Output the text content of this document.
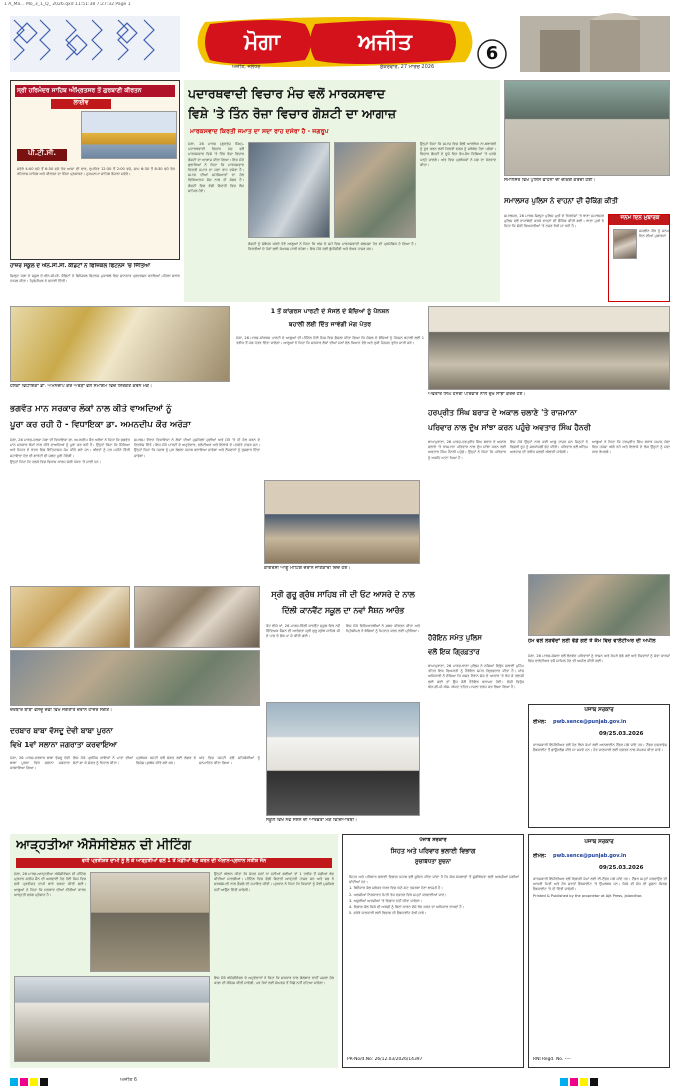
1 A_Ma... Mo_3_1_Q_ 2026.qxd 11:51:38 7:27:32 Page 1
ਮੋਗਾ	ਅਜੀਤ	6
ਅਜੀਤ, ਜਲੰਧਰ	ਸ਼ੁੱਕਰਵਾਰ, 27 ਮਾਰਚ 2026
ਸ੍ਰੀ ਹਰਿਮੰਦਰ ਸਾਹਿਬ ਅੰਮ੍ਰਿਤਸਰ ਤੋਂ ਗੁਰਬਾਣੀ ਕੀਰਤਨ
ਲਾਈਵ
ਪੀ.ਟੀ.ਸੀ.

ਸਵੇਰੇ 4:00 ਵਜੇ ਤੋਂ 6:30 ਵਜੇ ਤੱਕ ਆਸਾ ਦੀ ਵਾਰ, ਦੁਪਹਿਰ 12:30 ਤੋਂ 2:00 ਵਜੇ, ਸ਼ਾਮ 6:30 ਤੋਂ 8:30 ਵਜੇ ਤੱਕ ਰਹਿਰਾਸ ਸਾਹਿਬ ਅਤੇ ਕੀਰਤਨ ਦਾ ਸਿੱਧਾ ਪ੍ਰਸਾਰਣ। ਹੁਕਮਨਾਮਾ ਸਾਹਿਬ ਰੋਜ਼ਾਨਾ ਸਵੇਰੇ।

ਹਾਜ਼ਰ ਸਕੂਲ ਦੇ ਐੱਨ.ਸੀ.ਸੀ. ਕੈਡਿਟਾਂ ਨੇ ਫਿਜ਼ਿਕਲ ਫਿਟਨਸ 'ਚ ਜਿੱਤਿਆ

ਜ਼ਿਲ੍ਹਾ ਮੋਗਾ ਦੇ ਸਕੂਲ ਦੇ ਐੱਨ.ਸੀ.ਸੀ. ਕੈਡਿਟਾਂ ਨੇ ਫਿਜ਼ਿਕਲ ਫਿਟਨਸ ਮੁਕਾਬਲੇ ਵਿਚ ਸ਼ਾਨਦਾਰ ਪ੍ਰਦਰਸ਼ਨ ਕਰਦਿਆਂ ਪਹਿਲਾ ਸਥਾਨ ਹਾਸਲ ਕੀਤਾ। ਪ੍ਰਿੰਸੀਪਲ ਨੇ ਵਧਾਈ ਦਿੱਤੀ।

ਪਦਾਰਥਵਾਦੀ ਵਿਚਾਰ ਮੰਚ ਵਲੋਂ ਮਾਰਕਸਵਾਦ
ਵਿਸ਼ੇ 'ਤੇ ਤਿੰਨ ਰੋਜ਼ਾ ਵਿਚਾਰ ਗੋਸ਼ਟੀ ਦਾ ਆਗਾਜ਼
ਮਾਰਕਸਵਾਦ ਕਿਰਤੀ ਜਮਾਤ ਦਾ ਸਦਾ ਰਾਹ ਦਸੇਰਾ ਹੈ - ਜਗਰੂਪ

ਮੋਗਾ, 26 ਮਾਰਚ (ਗੁਰਤੇਜ ਸਿੰਘ)-ਪਦਾਰਥਵਾਦੀ ਵਿਚਾਰ ਮੰਚ ਵਲੋਂ ਮਾਰਕਸਵਾਦ ਵਿਸ਼ੇ 'ਤੇ ਤਿੰਨ ਰੋਜ਼ਾ ਵਿਚਾਰ ਗੋਸ਼ਟੀ ਦਾ ਆਗਾਜ਼ ਕੀਤਾ ਗਿਆ। ਇਸ ਮੌਕੇ ਬੁਲਾਰਿਆਂ ਨੇ ਕਿਹਾ ਕਿ ਮਾਰਕਸਵਾਦ ਕਿਰਤੀ ਜਮਾਤ ਦਾ ਸਦਾ ਰਾਹ ਦਸੇਰਾ ਹੈ। ਸਮਾਜ ਦੀਆਂ ਸਮੱਸਿਆਵਾਂ ਦਾ ਹੱਲ ਵਿਗਿਆਨਕ ਸੋਚ ਨਾਲ ਹੀ ਸੰਭਵ ਹੈ। ਗੋਸ਼ਟੀ ਵਿਚ ਵੱਡੀ ਗਿਣਤੀ ਵਿਚ ਲੋਕ ਸ਼ਾਮਿਲ ਹੋਏ।

ਗੋਸ਼ਟੀ ਨੂੰ ਸੰਬੋਧਨ ਕਰਦੇ ਹੋਏ ਆਗੂਆਂ ਨੇ ਕਿਹਾ ਕਿ ਅੱਜ ਦੇ ਸਮੇਂ ਵਿਚ ਮਾਰਕਸਵਾਦੀ ਫਲਸਫ਼ਾ ਹੋਰ ਵੀ ਪ੍ਰਸੰਗਿਕ ਹੋ ਗਿਆ ਹੈ। ਕਿਰਤੀਆਂ ਦੇ ਹੱਕਾਂ ਲਈ ਸੰਘਰਸ਼ ਜਾਰੀ ਰਹੇਗਾ। ਇਸ ਮੌਕੇ ਕਈ ਬੁੱਧੀਜੀਵੀ ਅਤੇ ਲੇਖਕ ਹਾਜ਼ਰ ਸਨ।

ਉਨ੍ਹਾਂ ਕਿਹਾ ਕਿ ਸਮਾਜ ਵਿਚ ਫੈਲੀ ਆਰਥਿਕ ਨਾ-ਬਰਾਬਰੀ ਨੂੰ ਦੂਰ ਕਰਨ ਲਈ ਕਿਰਤੀ ਵਰਗ ਨੂੰ ਜਥੇਬੰਦ ਹੋਣਾ ਪਵੇਗਾ। ਵਿਚਾਰ ਗੋਸ਼ਟੀ ਦੇ ਦੂਜੇ ਦਿਨ ਵੱਖ-ਵੱਖ ਵਿਸ਼ਿਆਂ 'ਤੇ ਪਰਚੇ ਪੜ੍ਹੇ ਜਾਣਗੇ। ਅੰਤ ਵਿਚ ਪ੍ਰਬੰਧਕਾਂ ਨੇ ਸਭ ਦਾ ਧੰਨਵਾਦ ਕੀਤਾ।

ਸਮਾਲਸਰ ਵਿਖੇ ਪੁਲਿਸ ਵਾਹਨਾਂ ਦੀ ਚੈਕਿੰਗ ਕਰਦੀ ਹੋਈ।
ਸਮਾਲਸਰ ਪੁਲਿਸ ਨੇ ਵਾਹਨਾਂ ਦੀ ਚੈਕਿੰਗ ਕੀਤੀ

ਸਮਾਲਸਰ, 26 ਮਾਰਚ-ਜ਼ਿਲ੍ਹਾ ਪੁਲਿਸ ਮੁਖੀ ਦੇ ਨਿਰਦੇਸ਼ਾਂ 'ਤੇ ਥਾਣਾ ਸਮਾਲਸਰ ਪੁਲਿਸ ਵਲੋਂ ਨਾਕਾਬੰਦੀ ਕਰਕੇ ਵਾਹਨਾਂ ਦੀ ਚੈਕਿੰਗ ਕੀਤੀ ਗਈ। ਥਾਣਾ ਮੁਖੀ ਨੇ ਕਿਹਾ ਕਿ ਸ਼ੱਕੀ ਵਿਅਕਤੀਆਂ 'ਤੇ ਨਜ਼ਰ ਰੱਖੀ ਜਾ ਰਹੀ ਹੈ।

ਜਨਮ ਦਿਨ ਮੁਬਾਰਕ
ਜਸਲੀਨ ਕੌਰ ਨੂੰ ਜਨਮ ਦਿਨ ਦੀਆਂ ਮੁਬਾਰਕਾਂ
ਹਲਕਾ ਵਿਧਾਇਕਾ ਡਾ. ਅਮਨਦੀਪ ਕੌਰ ਅਰੋੜਾ ਵਲੋਂ ਸਮਾਗਮ ਵਿਚ ਸ਼ਿਰਕਤ ਕਰਨ ਮੌਕੇ।
1 ਤੋਂ ਕਾਂਗਰਸ ਪਾਰਟੀ ਦੇ ਸੋਸਲ ਦੇ ਬੱਚਿਆਂ ਨੂੰ ਪੈਨਸ਼ਨ
ਬਹਾਲੀ ਲਈ ਦਿੱਤ ਜਾਵੇਗੀ ਮੰਗ ਪੱਤਰ

ਮੋਗਾ, 26 ਮਾਰਚ-ਕਾਂਗਰਸ ਪਾਰਟੀ ਦੇ ਆਗੂਆਂ ਦੀ ਮੀਟਿੰਗ ਹੋਈ ਜਿਸ ਵਿਚ ਫ਼ੈਸਲਾ ਕੀਤਾ ਗਿਆ ਕਿ ਸੋਸਲ ਦੇ ਬੱਚਿਆਂ ਨੂੰ ਪੈਨਸ਼ਨ ਬਹਾਲੀ ਲਈ 1 ਤਰੀਕ ਤੋਂ ਮੰਗ ਪੱਤਰ ਦਿੱਤਾ ਜਾਵੇਗਾ। ਆਗੂਆਂ ਨੇ ਕਿਹਾ ਕਿ ਸਰਕਾਰ ਲੋਕਾਂ ਦੀਆਂ ਮੰਗਾਂ ਵੱਲ ਧਿਆਨ ਦੇਵੇ ਅਤੇ ਰੁਕੀ ਪੈਨਸ਼ਨ ਤੁਰੰਤ ਜਾਰੀ ਕਰੇ।

ਅਵਤਾਰ ਸਿੰਘ ਹੈਨਰੀ ਪਰਿਵਾਰ ਨਾਲ ਦੁੱਖ ਸਾਂਝਾ ਕਰਦੇ ਹੋਏ।
ਭਗਵੰਤ ਮਾਨ ਸਰਕਾਰ ਲੋਕਾਂ ਨਾਲ ਕੀਤੇ ਵਾਅਦਿਆਂ ਨੂੰ
ਪੂਰਾ ਕਰ ਰਹੀ ਹੈ - ਵਿਧਾਇਕਾ ਡਾ. ਅਮਨਦੀਪ ਕੌਰ ਅਰੋੜਾ

ਮੋਗਾ, 26 ਮਾਰਚ-ਹਲਕਾ ਮੋਗਾ ਦੀ ਵਿਧਾਇਕਾ ਡਾ. ਅਮਨਦੀਪ ਕੌਰ ਅਰੋੜਾ ਨੇ ਕਿਹਾ ਕਿ ਭਗਵੰਤ ਮਾਨ ਸਰਕਾਰ ਲੋਕਾਂ ਨਾਲ ਕੀਤੇ ਵਾਅਦਿਆਂ ਨੂੰ ਪੂਰਾ ਕਰ ਰਹੀ ਹੈ। ਉਨ੍ਹਾਂ ਕਿਹਾ ਕਿ ਸਿੱਖਿਆ ਅਤੇ ਸਿਹਤ ਦੇ ਖੇਤਰ ਵਿਚ ਇਤਿਹਾਸਕ ਕੰਮ ਕੀਤੇ ਗਏ ਹਨ। ਔਰਤਾਂ ਨੂੰ ਹਰ ਮਹੀਨੇ ਵਿੱਤੀ ਸਹਾਇਤਾ ਦੇਣ ਦੀ ਗਾਰੰਟੀ ਵੀ ਜਲਦ ਪੂਰੀ ਹੋਵੇਗੀ।

ਉਨ੍ਹਾਂ ਕਿਹਾ ਕਿ ਹਲਕੇ ਵਿਚ ਵਿਕਾਸ ਕਾਰਜ ਜੰਗੀ ਪੱਧਰ 'ਤੇ ਜਾਰੀ ਹਨ।

ਸਮਾਗਮ ਦੌਰਾਨ ਵਿਧਾਇਕਾ ਨੇ ਲੋਕਾਂ ਦੀਆਂ ਮੁਸ਼ਕਿਲਾਂ ਸੁਣੀਆਂ ਅਤੇ ਮੌਕੇ 'ਤੇ ਹੀ ਹੱਲ ਕਰਨ ਦੇ ਨਿਰਦੇਸ਼ ਦਿੱਤੇ। ਇਸ ਮੌਕੇ ਪਾਰਟੀ ਦੇ ਅਹੁਦੇਦਾਰ, ਵਲੰਟੀਅਰ ਅਤੇ ਇਲਾਕੇ ਦੇ ਪਤਵੰਤੇ ਹਾਜ਼ਰ ਸਨ। ਉਨ੍ਹਾਂ ਕਿਹਾ ਕਿ ਪੰਜਾਬ ਨੂੰ ਮੁੜ ਰੰਗਲਾ ਪੰਜਾਬ ਬਣਾਇਆ ਜਾਵੇਗਾ ਅਤੇ ਨੌਜਵਾਨਾਂ ਨੂੰ ਰੁਜ਼ਗਾਰ ਦਿੱਤਾ ਜਾਵੇਗਾ।

ਕਾਂਗਰਸੀ ਆਗੂ ਮੀਟਿੰਗ ਦੌਰਾਨ ਜਾਣਕਾਰੀ ਦਿੰਦੇ ਹੋਏ।
ਹਰਪ੍ਰੀਤ ਸਿੰਘ ਬਰਾੜ ਦੇ ਅਕਾਲ ਚਲਾਣੇ 'ਤੇ ਰਾਜਮਾਨਾ
ਪਰਿਵਾਰ ਨਾਲ ਦੁੱਖ ਸਾਂਝਾ ਕਰਨ ਪਹੁੰਚੇ ਅਵਤਾਰ ਸਿੰਘ ਹੈਨਰੀ

ਬਾਘਾਪੁਰਾਣਾ, 26 ਮਾਰਚ-ਹਰਪ੍ਰੀਤ ਸਿੰਘ ਬਰਾੜ ਦੇ ਅਕਾਲ ਚਲਾਣੇ 'ਤੇ ਰਾਜਮਾਨਾ ਪਰਿਵਾਰ ਨਾਲ ਦੁੱਖ ਸਾਂਝਾ ਕਰਨ ਲਈ ਅਵਤਾਰ ਸਿੰਘ ਹੈਨਰੀ ਪਹੁੰਚੇ। ਉਨ੍ਹਾਂ ਨੇ ਕਿਹਾ ਕਿ ਪਰਿਵਾਰ ਨੂੰ ਅਸਹਿ ਘਾਟਾ ਪਿਆ ਹੈ।

ਇਸ ਮੌਕੇ ਉਨ੍ਹਾਂ ਨਾਲ ਕਈ ਆਗੂ ਹਾਜ਼ਰ ਸਨ ਜਿਨ੍ਹਾਂ ਨੇ ਵਿਛੜੀ ਰੂਹ ਨੂੰ ਸ਼ਰਧਾਂਜਲੀ ਭੇਟ ਕੀਤੀ। ਪਰਿਵਾਰ ਵਲੋਂ ਅੰਤਿਮ ਅਰਦਾਸ ਦੀ ਤਰੀਕ ਜਲਦੀ ਐਲਾਨੀ ਜਾਵੇਗੀ।

ਆਗੂਆਂ ਨੇ ਕਿਹਾ ਕਿ ਹਰਪ੍ਰੀਤ ਸਿੰਘ ਬਰਾੜ ਸਮਾਜ ਸੇਵਾ ਵਿਚ ਹਮੇਸ਼ਾ ਅੱਗੇ ਰਹੇ ਅਤੇ ਇਲਾਕੇ ਦੇ ਲੋਕ ਉਨ੍ਹਾਂ ਨੂੰ ਸਦਾ ਯਾਦ ਰੱਖਣਗੇ।

ਦਰਬਾਰ ਬਾਬਾ ਵੱਸਦੂ ਦੇਵੀ ਵਿਖੇ ਜਗਰਾਤੇ ਦੌਰਾਨ ਹਾਜ਼ਰ ਸੰਗਤ।
ਦਰਬਾਰ ਬਾਬਾ ਵੱਸਦੂ ਦੇਵੀ ਬਾਬਾ ਪੂਰਨਾ
ਵਿਖੇ 1ਵਾਂ ਸਲਾਨਾ ਜਗਰਾਤਾ ਕਰਵਾਇਆ

ਮੋਗਾ, 26 ਮਾਰਚ-ਦਰਬਾਰ ਬਾਬਾ ਵੱਸਦੂ ਦੇਵੀ ਬਾਬਾ ਪੂਰਨਾ ਵਿਖੇ ਸਲਾਨਾ ਜਗਰਾਤਾ ਕਰਵਾਇਆ ਗਿਆ।

ਇਸ ਮੌਕੇ ਪ੍ਰਸਿੱਧ ਗਾਇਕਾਂ ਨੇ ਮਾਤਾ ਦੀਆਂ ਭੇਟਾਂ ਗਾ ਕੇ ਸੰਗਤ ਨੂੰ ਨਿਹਾਲ ਕੀਤਾ।

ਪ੍ਰਬੰਧਕ ਕਮੇਟੀ ਵਲੋਂ ਸੰਗਤ ਲਈ ਲੰਗਰ ਦੇ ਵਿਸ਼ੇਸ਼ ਪ੍ਰਬੰਧ ਕੀਤੇ ਗਏ ਸਨ।

ਅੰਤ ਵਿਚ ਕਮੇਟੀ ਵਲੋਂ ਸਹਿਯੋਗੀਆਂ ਨੂੰ ਸਨਮਾਨਿਤ ਕੀਤਾ ਗਿਆ।

ਸ੍ਰੀ ਗੁਰੂ ਗ੍ਰੰਥ ਸਾਹਿਬ ਜੀ ਦੀ ਓਟ ਆਸਰੇ ਦੇ ਨਾਲ
ਦਿੱਲੀ ਕਾਨਵੈਂਟ ਸਕੂਲ ਦਾ ਨਵਾਂ ਸੈਸ਼ਨ ਆਰੰਭ

ਕੋਟ ਈਸੇ ਖਾਂ, 26 ਮਾਰਚ-ਦਿੱਲੀ ਕਾਨਵੈਂਟ ਸਕੂਲ ਵਿਖੇ ਨਵੇਂ ਵਿੱਦਿਅਕ ਸੈਸ਼ਨ ਦੀ ਆਰੰਭਤਾ ਸ੍ਰੀ ਗੁਰੂ ਗ੍ਰੰਥ ਸਾਹਿਬ ਜੀ ਦੇ ਪਾਠ ਦੇ ਭੋਗ ਪਾ ਕੇ ਕੀਤੀ ਗਈ।

ਇਸ ਮੌਕੇ ਵਿਦਿਆਰਥੀਆਂ ਨੇ ਸ਼ਬਦ ਕੀਰਤਨ ਕੀਤਾ ਅਤੇ ਪ੍ਰਿੰਸੀਪਲ ਨੇ ਬੱਚਿਆਂ ਨੂੰ ਮਿਹਨਤ ਕਰਨ ਲਈ ਪ੍ਰੇਰਿਆ।

ਸਕੂਲ ਵਿਖੇ ਨਵੇਂ ਸੈਸ਼ਨ ਦੀ ਆਰੰਭਤਾ ਮੌਕੇ ਵਿਦਿਆਰਥੀ।
ਹੈਰੋਇਨ ਸਮੇਤ ਪੁਲਿਸ
ਵਲੋਂ ਇਕ ਗ੍ਰਿਫ਼ਤਾਰ

ਬਾਘਾਪੁਰਾਣਾ, 26 ਮਾਰਚ-ਥਾਣਾ ਪੁਲਿਸ ਨੇ ਨਸ਼ਿਆਂ ਵਿਰੁੱਧ ਚਲਾਈ ਮੁਹਿੰਮ ਤਹਿਤ ਇਕ ਵਿਅਕਤੀ ਨੂੰ ਹੈਰੋਇਨ ਸਮੇਤ ਗ੍ਰਿਫ਼ਤਾਰ ਕੀਤਾ ਹੈ। ਜਾਂਚ ਅਧਿਕਾਰੀ ਨੇ ਦੱਸਿਆ ਕਿ ਗਸ਼ਤ ਦੌਰਾਨ ਸ਼ੱਕ ਦੇ ਆਧਾਰ 'ਤੇ ਰੋਕ ਕੇ ਤਲਾਸ਼ੀ ਲਈ ਗਈ ਤਾਂ ਉਸ ਕੋਲੋਂ ਹੈਰੋਇਨ ਬਰਾਮਦ ਹੋਈ। ਦੋਸ਼ੀ ਵਿਰੁੱਧ ਐਨ.ਡੀ.ਪੀ.ਐਸ. ਐਕਟ ਤਹਿਤ ਮਾਮਲਾ ਦਰਜ ਕਰ ਲਿਆ ਗਿਆ ਹੈ।

ਹੋਮ ਵਲੋਂ ਲੋੜਵੰਦਾਂ ਲਈ ਵੰਡੇ ਗਏ ਤੇ ਕੰਮ ਵਿਚ ਵਾਲੰਟੀਅਰ ਦੀ ਅਪੀਲ

ਮੋਗਾ, 26 ਮਾਰਚ-ਸੰਸਥਾ ਵਲੋਂ ਲੋੜਵੰਦ ਪਰਿਵਾਰਾਂ ਨੂੰ ਰਾਸ਼ਨ ਅਤੇ ਕੱਪੜੇ ਵੰਡੇ ਗਏ ਅਤੇ ਨੌਜਵਾਨਾਂ ਨੂੰ ਸੇਵਾ ਕਾਰਜਾਂ ਵਿਚ ਵਾਲੰਟੀਅਰ ਵਜੋਂ ਸ਼ਾਮਿਲ ਹੋਣ ਦੀ ਅਪੀਲ ਕੀਤੀ ਗਈ।

ਪੰਜਾਬ ਸਰਕਾਰ
ਈਮੇਲ:	pwb.sence@punjab.gov.in
09/25.03.2026

ਕਾਰਜਕਾਰੀ ਇੰਜੀਨੀਅਰ ਵਲੋਂ ਹੇਠ ਲਿਖੇ ਕੰਮਾਂ ਲਈ ਆਨਲਾਈਨ ਟੈਂਡਰ ਮੰਗੇ ਜਾਂਦੇ ਹਨ। ਟੈਂਡਰ ਦਸਤਾਵੇਜ਼ ਵੈਬਸਾਈਟ ਤੋਂ ਡਾਊਨਲੋਡ ਕੀਤੇ ਜਾ ਸਕਦੇ ਹਨ। ਹੋਰ ਜਾਣਕਾਰੀ ਲਈ ਦਫ਼ਤਰ ਨਾਲ ਸੰਪਰਕ ਕੀਤਾ ਜਾਵੇ।

ਆੜ੍ਹਤੀਆ ਐਸੋਸੀਏਸ਼ਨ ਦੀ ਮੀਟਿੰਗ
ਵਧੀ ਪ੍ਰਤੀਸ਼ਤ ਦਾਮੀ ਨੂੰ ਲੈ ਕੇ ਆੜ੍ਹਤੀਆਂ ਵਲੋਂ 1 ਤੋਂ ਮੰਡੀਆਂ ਬੰਦ ਕਰਨ ਦੀ ਐਲਾਨ-ਪ੍ਰਧਾਨ ਸਤੀਸ਼ ਜੈਨ

ਮੋਗਾ, 26 ਮਾਰਚ-ਆੜ੍ਹਤੀਆ ਐਸੋਸੀਏਸ਼ਨ ਦੀ ਮੀਟਿੰਗ ਪ੍ਰਧਾਨ ਸਤੀਸ਼ ਜੈਨ ਦੀ ਅਗਵਾਈ ਹੇਠ ਹੋਈ ਜਿਸ ਵਿਚ ਵਧੀ ਪ੍ਰਤੀਸ਼ਤ ਦਾਮੀ ਬਾਰੇ ਚਰਚਾ ਕੀਤੀ ਗਈ। ਆਗੂਆਂ ਨੇ ਕਿਹਾ ਕਿ ਸਰਕਾਰ ਦੀਆਂ ਨੀਤੀਆਂ ਕਾਰਨ ਆੜ੍ਹਤੀ ਵਰਗ ਪ੍ਰੇਸ਼ਾਨ ਹੈ।

ਉਨ੍ਹਾਂ ਐਲਾਨ ਕੀਤਾ ਕਿ ਜੇਕਰ ਮੰਗਾਂ ਨਾ ਮੰਨੀਆਂ ਗਈਆਂ ਤਾਂ 1 ਤਰੀਕ ਤੋਂ ਮੰਡੀਆਂ ਬੰਦ ਕੀਤੀਆਂ ਜਾਣਗੀਆਂ। ਮੀਟਿੰਗ ਵਿਚ ਵੱਡੀ ਗਿਣਤੀ ਆੜ੍ਹਤੀ ਹਾਜ਼ਰ ਸਨ ਅਤੇ ਸਭ ਨੇ ਸਰਬਸੰਮਤੀ ਨਾਲ ਫ਼ੈਸਲੇ ਦੀ ਹਮਾਇਤ ਕੀਤੀ। ਪ੍ਰਧਾਨ ਨੇ ਕਿਹਾ ਕਿ ਕਿਸਾਨਾਂ ਨੂੰ ਕੋਈ ਮੁਸ਼ਕਿਲ ਨਹੀਂ ਆਉਣ ਦਿੱਤੀ ਜਾਵੇਗੀ।

ਇਸ ਮੌਕੇ ਐਸੋਸੀਏਸ਼ਨ ਦੇ ਅਹੁਦੇਦਾਰਾਂ ਨੇ ਕਿਹਾ ਕਿ ਸਰਕਾਰ ਨਾਲ ਗੱਲਬਾਤ ਰਾਹੀਂ ਮਸਲਾ ਹੱਲ ਕਰਨ ਦੀ ਕੋਸ਼ਿਸ਼ ਕੀਤੀ ਜਾਵੇਗੀ, ਪਰ ਹੱਕਾਂ ਲਈ ਸੰਘਰਸ਼ ਤੋਂ ਪਿੱਛੇ ਨਹੀਂ ਹਟਿਆ ਜਾਵੇਗਾ।

ਪੰਜਾਬ ਸਰਕਾਰ
ਸਿਹਤ ਅਤੇ ਪਰਿਵਾਰ ਭਲਾਈ ਵਿਭਾਗ
ਸੂਚੀਬੱਧਤਾ ਸੂਚਨਾ

ਸਿਹਤ ਅਤੇ ਪਰਿਵਾਰ ਭਲਾਈ ਵਿਭਾਗ ਪੰਜਾਬ ਵਲੋਂ ਸੂਚਿਤ ਕੀਤਾ ਜਾਂਦਾ ਹੈ ਕਿ ਯੋਗ ਸੰਸਥਾਵਾਂ ਤੋਂ ਸੂਚੀਬੱਧਤਾ ਲਈ ਅਰਜ਼ੀਆਂ ਮੰਗੀਆਂ ਜਾਂਦੀਆਂ ਹਨ।

1. ਬਿਨੈਕਾਰ ਕੋਲ ਸਬੰਧਤ ਖੇਤਰ ਵਿਚ ਘੱਟੋ-ਘੱਟ ਤਜਰਬਾ ਹੋਣਾ ਲਾਜ਼ਮੀ ਹੈ।

2. ਅਰਜ਼ੀਆਂ ਨਿਰਧਾਰਤ ਮਿਤੀ ਤੱਕ ਦਫ਼ਤਰ ਵਿਖੇ ਜਮ੍ਹਾਂ ਕਰਵਾਈਆਂ ਜਾਣ।

3. ਅਧੂਰੀਆਂ ਅਰਜ਼ੀਆਂ 'ਤੇ ਵਿਚਾਰ ਨਹੀਂ ਕੀਤਾ ਜਾਵੇਗਾ।

4. ਵਿਭਾਗ ਕੋਲ ਕਿਸੇ ਵੀ ਅਰਜ਼ੀ ਨੂੰ ਬਿਨਾਂ ਕਾਰਨ ਦੱਸੇ ਰੱਦ ਕਰਨ ਦਾ ਅਧਿਕਾਰ ਰਾਖਵਾਂ ਹੈ।

5. ਵਧੇਰੇ ਜਾਣਕਾਰੀ ਲਈ ਵਿਭਾਗ ਦੀ ਵੈਬਸਾਈਟ ਵੇਖੀ ਜਾਵੇ।

PR-No/d.No: 26/12.03/2026/14397
ਪੰਜਾਬ ਸਰਕਾਰ
ਈਮੇਲ:	pwb.sence@punjab.gov.in
09/25.03.2026

ਕਾਰਜਕਾਰੀ ਇੰਜੀਨੀਅਰ ਵਲੋਂ ਵਿਭਾਗੀ ਕੰਮਾਂ ਲਈ ਈ-ਟੈਂਡਰ ਮੰਗੇ ਜਾਂਦੇ ਹਨ। ਟੈਂਡਰ ਜਮ੍ਹਾਂ ਕਰਵਾਉਣ ਦੀ ਆਖਰੀ ਮਿਤੀ ਅਤੇ ਹੋਰ ਸ਼ਰਤਾਂ ਵੈਬਸਾਈਟ 'ਤੇ ਉਪਲਬਧ ਹਨ। ਕਿਸੇ ਵੀ ਸੋਧ ਦੀ ਸੂਚਨਾ ਸਿਰਫ਼ ਵੈਬਸਾਈਟ 'ਤੇ ਹੀ ਦਿੱਤੀ ਜਾਵੇਗੀ।

Printed & Published by the proprietor at Ajit Press, Jalandhar.

RNI Regd. No. ----
ਅਜੀਤ 6
